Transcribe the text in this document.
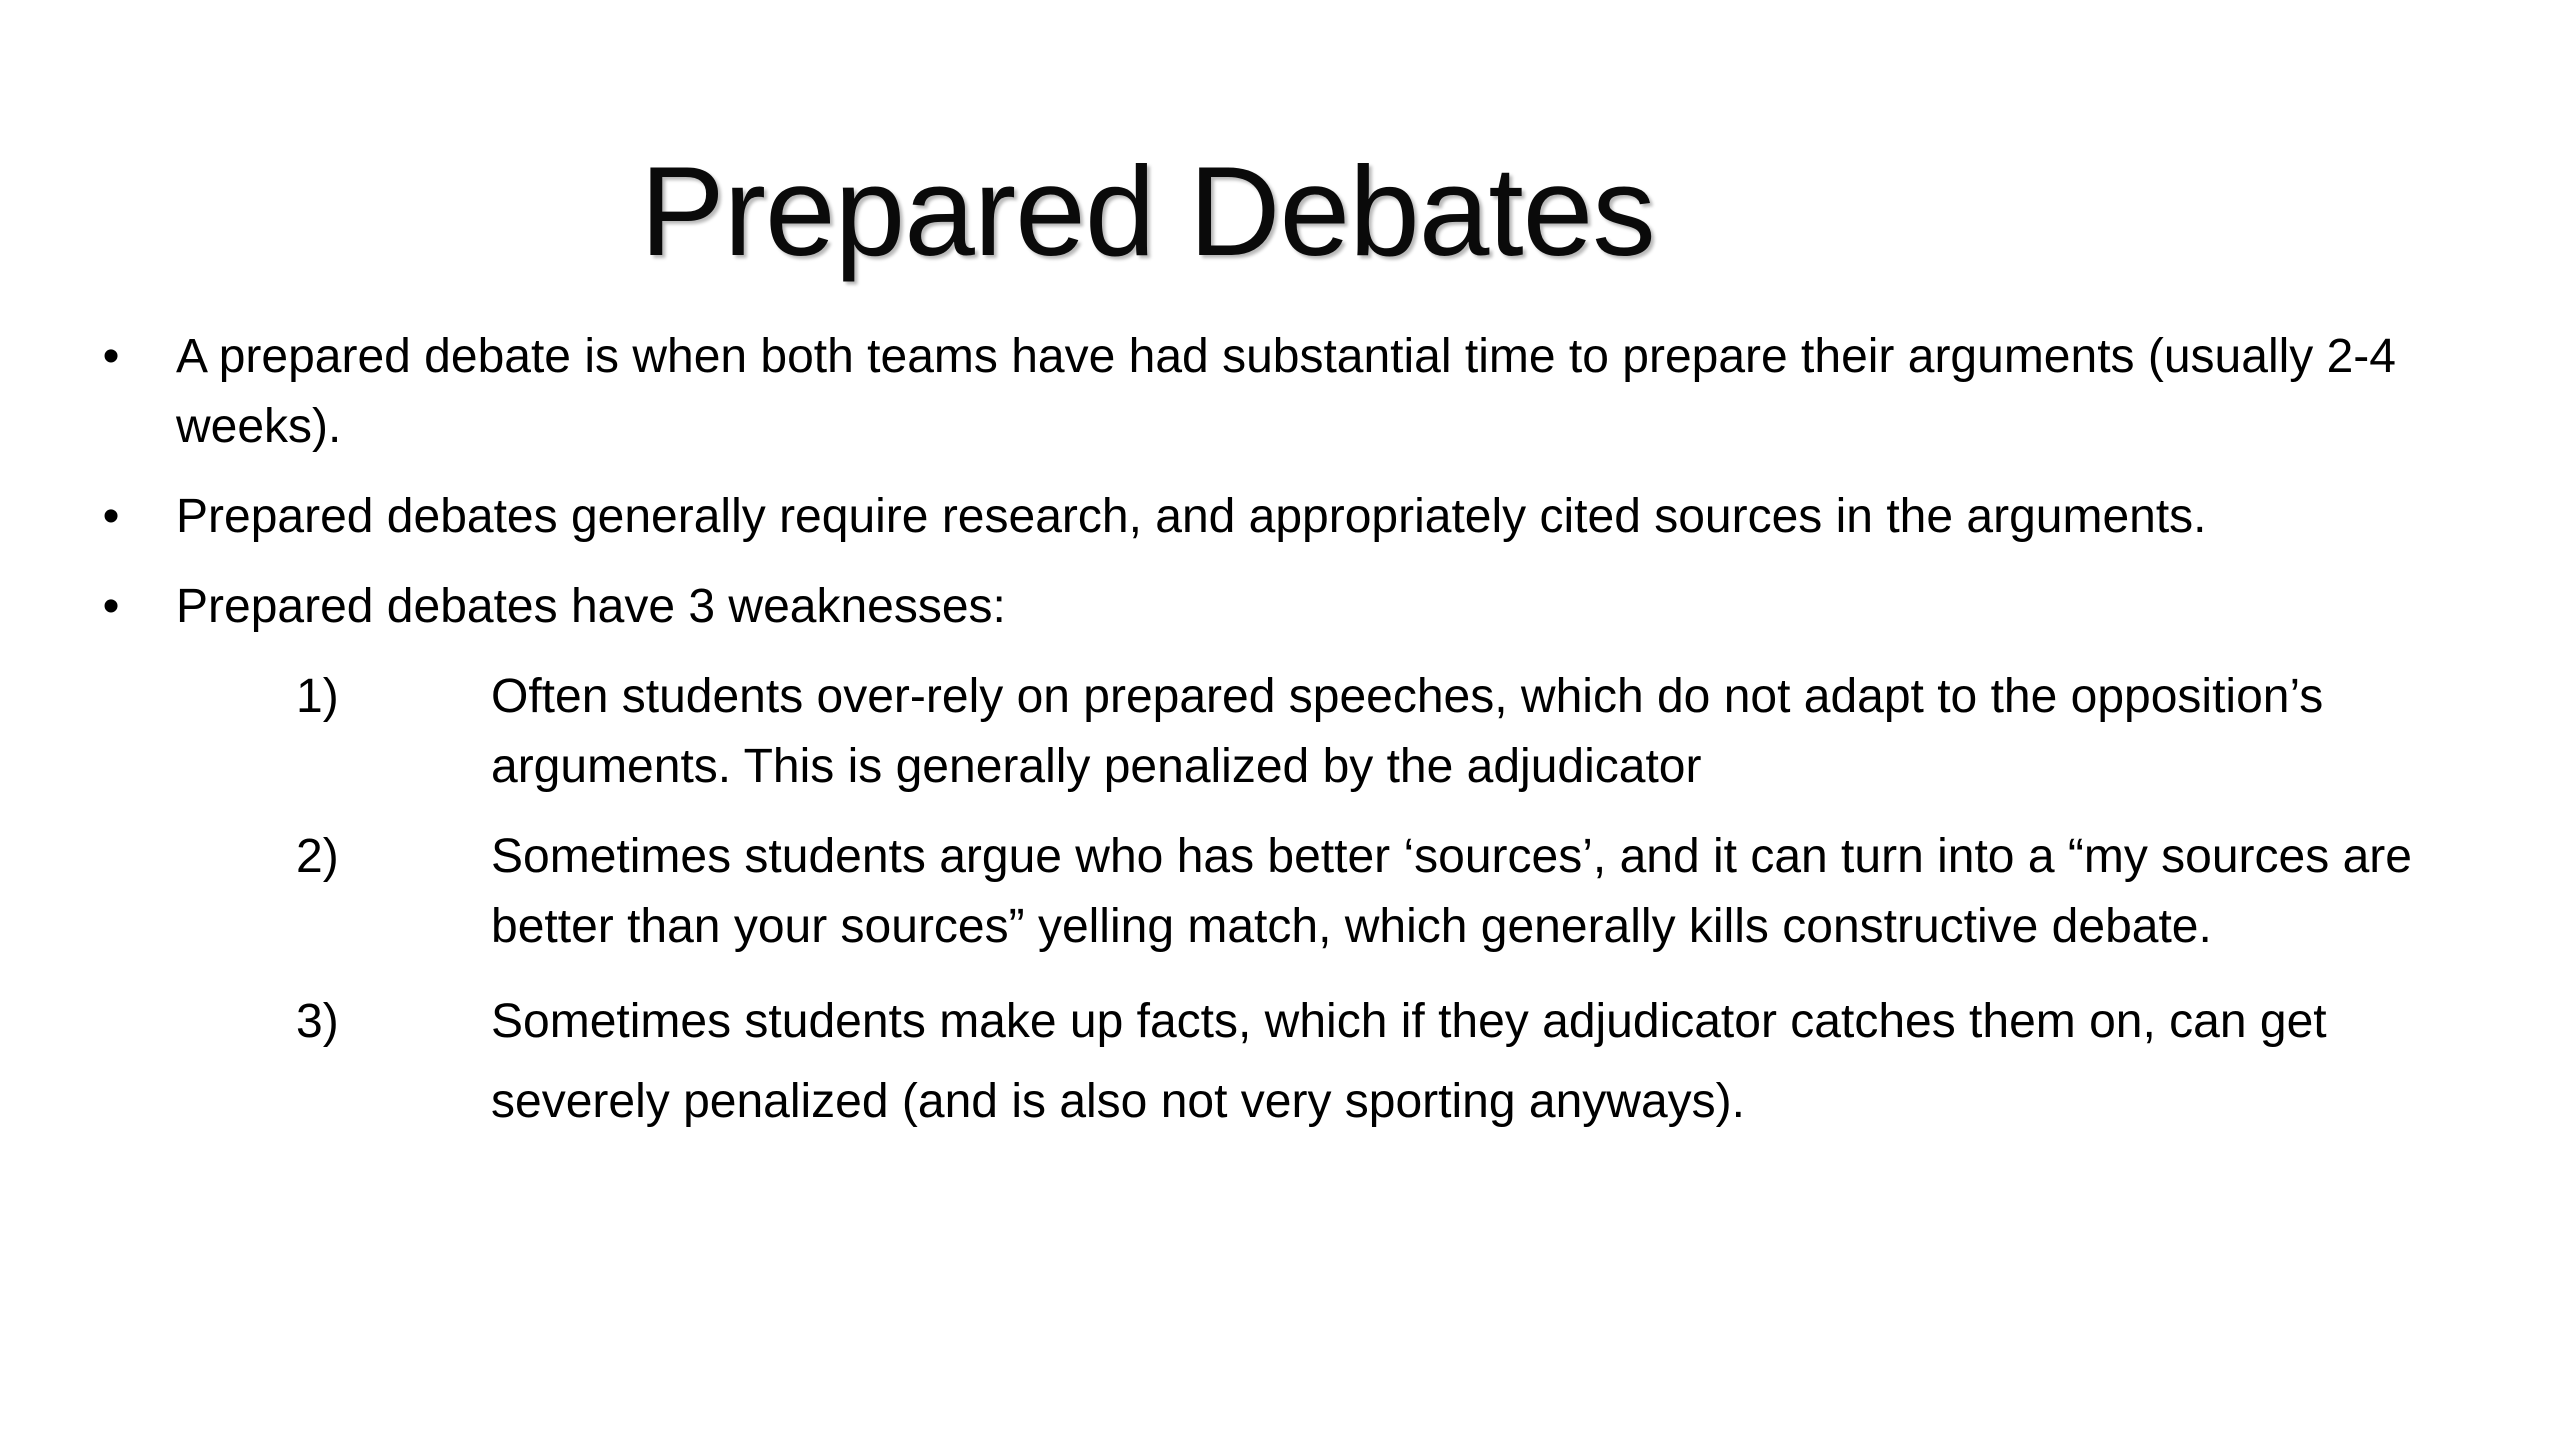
Prepared Debates
• A prepared debate is when both teams have had substantial time to prepare their arguments (usually 2-4 weeks).
• Prepared debates generally require research, and appropriately cited sources in the arguments.
• Prepared debates have 3 weaknesses:
1)	Often students over-rely on prepared speeches, which do not adapt to the opposition’s arguments. This is generally penalized by the adjudicator
2)	Sometimes students argue who has better ‘sources’, and it can turn into a “my sources are better than your sources” yelling match, which generally kills constructive debate.
3)	Sometimes students make up facts, which if they adjudicator catches them on, can get severely penalized (and is also not very sporting anyways).
